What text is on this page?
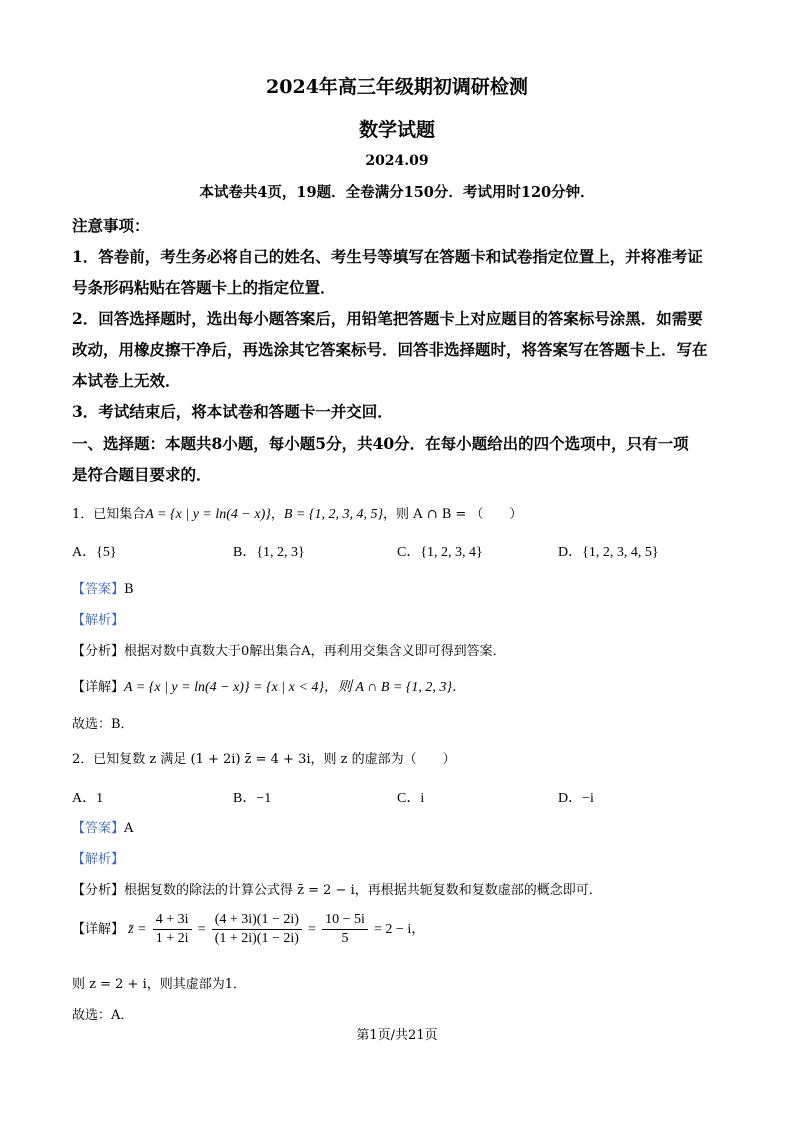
2024年高三年级期初调研检测
数学试题
2024.09
本试卷共4页，19题．全卷满分150分．考试用时120分钟．
注意事项：
1．答卷前，考生务必将自己的姓名、考生号等填写在答题卡和试卷指定位置上，并将准考证
号条形码粘贴在答题卡上的指定位置．
2．回答选择题时，选出每小题答案后，用铅笔把答题卡上对应题目的答案标号涂黑．如需要
改动，用橡皮擦干净后，再选涂其它答案标号．回答非选择题时，将答案写在答题卡上．写在
本试卷上无效．
3．考试结束后，将本试卷和答题卡一并交回．
一、选择题：本题共8小题，每小题5分，共40分．在每小题给出的四个选项中，只有一项
是符合题目要求的．
1．已知集合A = {x | y = ln(4 − x)}，B = {1, 2, 3, 4, 5}，则 A ∩ B = （　　）
A．{5}	B．{1, 2, 3}	C．{1, 2, 3, 4}	D．{1, 2, 3, 4, 5}
【答案】B
【解析】
【分析】根据对数中真数大于0解出集合A，再利用交集含义即可得到答案．
【详解】A = {x | y = ln(4 − x)} = {x | x < 4}，则 A ∩ B = {1, 2, 3}．
故选：B．
2．已知复数 z 满足 (1 + 2i) z̄ = 4 + 3i，则 z 的虚部为（　　）
A．1	B．−1	C．i	D．−i
【答案】A
【解析】
【分析】根据复数的除法的计算公式得 z̄ = 2 − i，再根据共轭复数和复数虚部的概念即可．
【详解】 z̄ = $\frac{4 + 3i}{1 + 2i} = \frac{(4 + 3i)(1 - 2i)}{(1 + 2i)(1 - 2i)} = \frac{10 - 5i}{5} = 2 - i$，
则 z = 2 + i，则其虚部为1．
故选：A．
第1页/共21页
